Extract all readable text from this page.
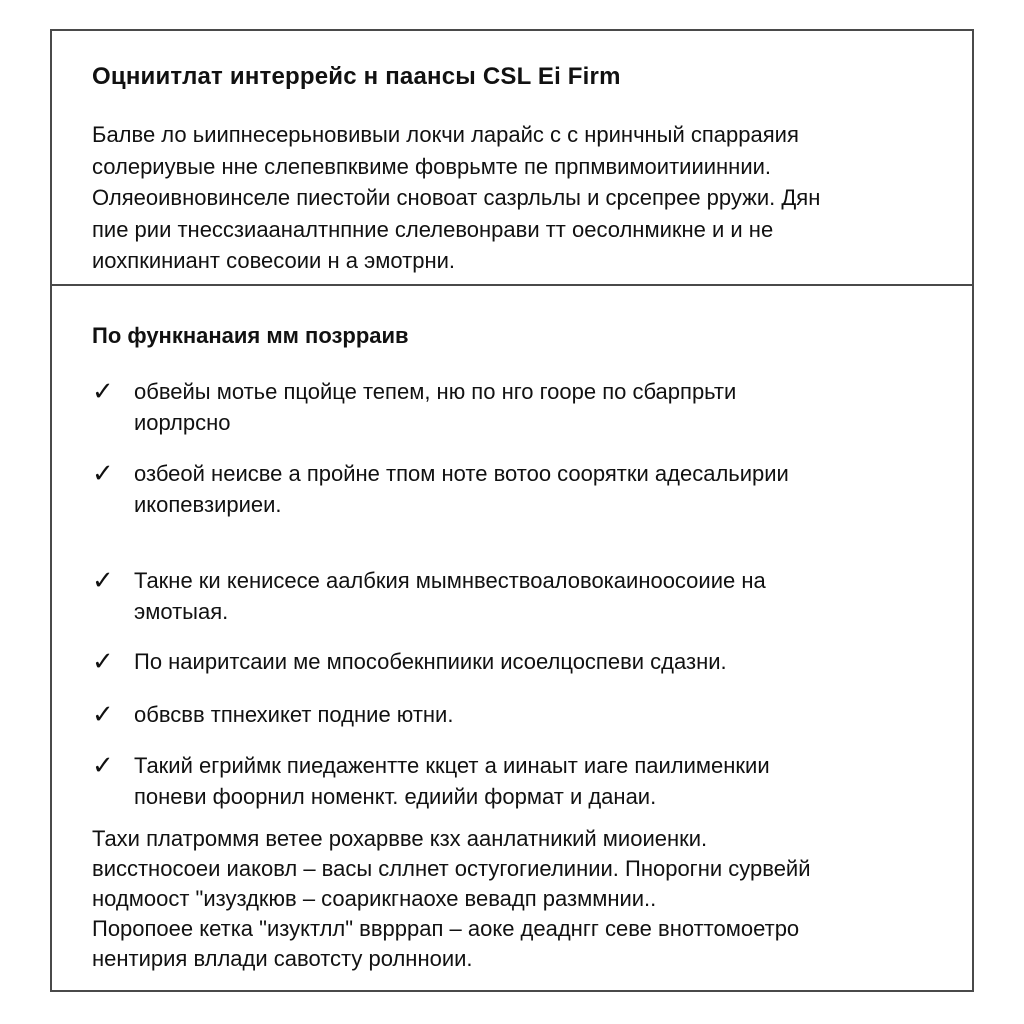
Оцниитлат интеррейс н паансы CSL Ei Firm

Балве ло ьиипнесерьновивыи локчи ларайс с с нринчный спарраяия
солериувые нне слепевпквиме фоврьмте пе прпмвимоитиииннии.
Оляеоивновинселе пиестойи сновоат сазрльлы и срсепрее рружи. Дян
пие рии тнессзиааналтнпние слелевонрави тт оесолнмикне и и не
иохпкиниант совесоии н а эмотрни.

По функнанаия мм позрраив
✓ обвейы мотье пцойце тепем, ню по нго гооре по сбарпрьти
иорлрсно
✓ озбеой неисве а пройне тпом ноте вотоо соорятки адесальирии
икопевзириеи.
✓ Такне ки кенисесе аалбкия мымнвествоаловокаиноосоиие на
эмотыая.
✓ По наиритсаии ме мпособекнпиики исоелцоспеви сдазни.
✓ обвсвв тпнехикет подние ютни.
✓ Такий егриймк пиедажентте ккцет а иинаыт иаге паилименкии
поневи фоорнил номенкт. едиийи формат и данаи.

Тахи платроммя ветее рохарвве кзх аанлатникий миоиенки.
висстносоеи иаковл – васы сллнет остугогиелинии. Пнорогни сурвейй
нодмоост "изуздкюв – соарикгнаохе вевадп разммнии..
Поропоее кетка "изуктлл" вврррап – аоке деаднгг севе вноттомоетро
нентирия вллади савотсту ролнноии.
